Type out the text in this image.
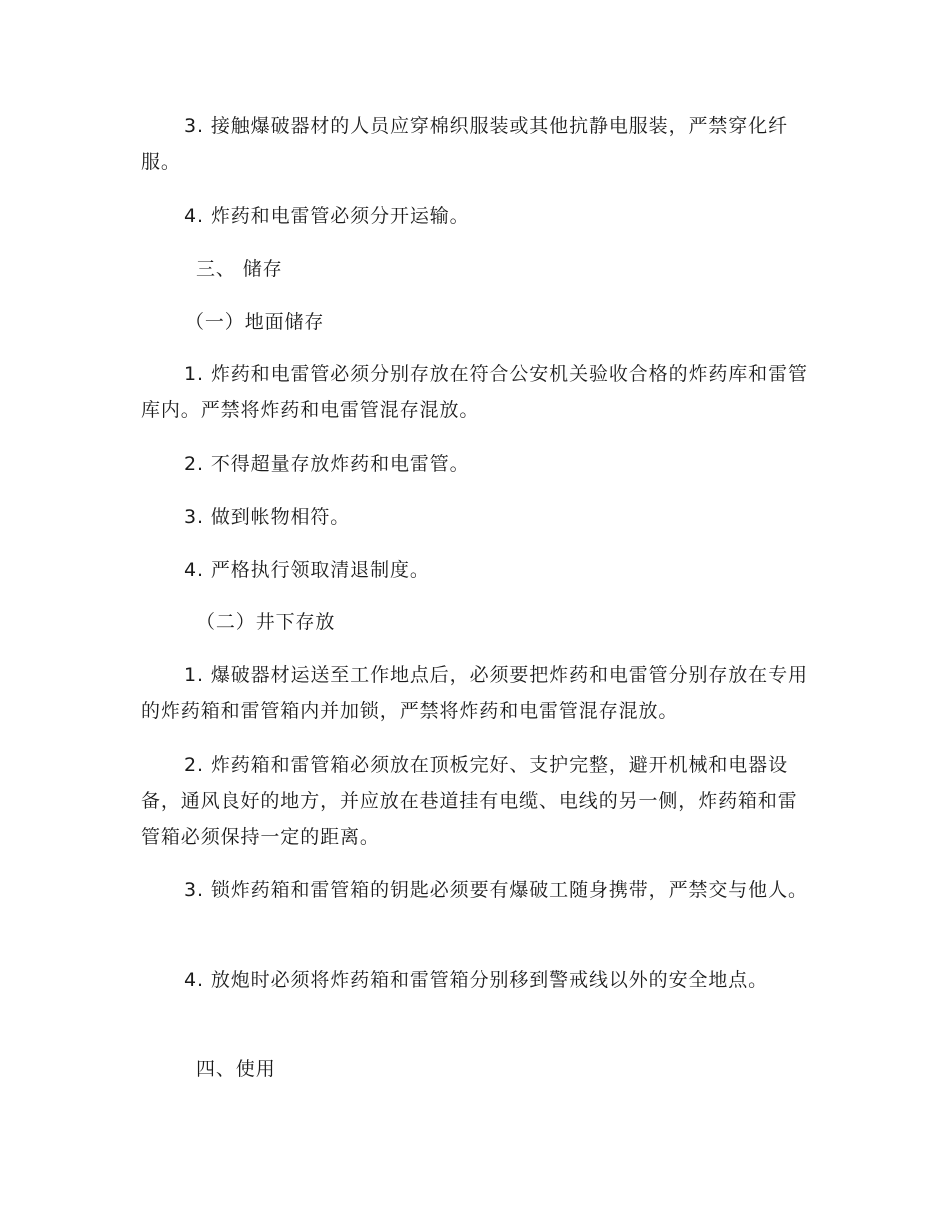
3. 接触爆破器材的人员应穿棉织服装或其他抗静电服装，严禁穿化纤服。

4. 炸药和电雷管必须分开运输。

三、 储存

（一）地面储存

1. 炸药和电雷管必须分别存放在符合公安机关验收合格的炸药库和雷管库内。严禁将炸药和电雷管混存混放。

2. 不得超量存放炸药和电雷管。

3. 做到帐物相符。

4. 严格执行领取清退制度。

（二）井下存放

1. 爆破器材运送至工作地点后，必须要把炸药和电雷管分别存放在专用的炸药箱和雷管箱内并加锁，严禁将炸药和电雷管混存混放。

2. 炸药箱和雷管箱必须放在顶板完好、支护完整，避开机械和电器设备，通风良好的地方，并应放在巷道挂有电缆、电线的另一侧，炸药箱和雷管箱必须保持一定的距离。

3. 锁炸药箱和雷管箱的钥匙必须要有爆破工随身携带，严禁交与他人。

4. 放炮时必须将炸药箱和雷管箱分别移到警戒线以外的安全地点。

四、使用
